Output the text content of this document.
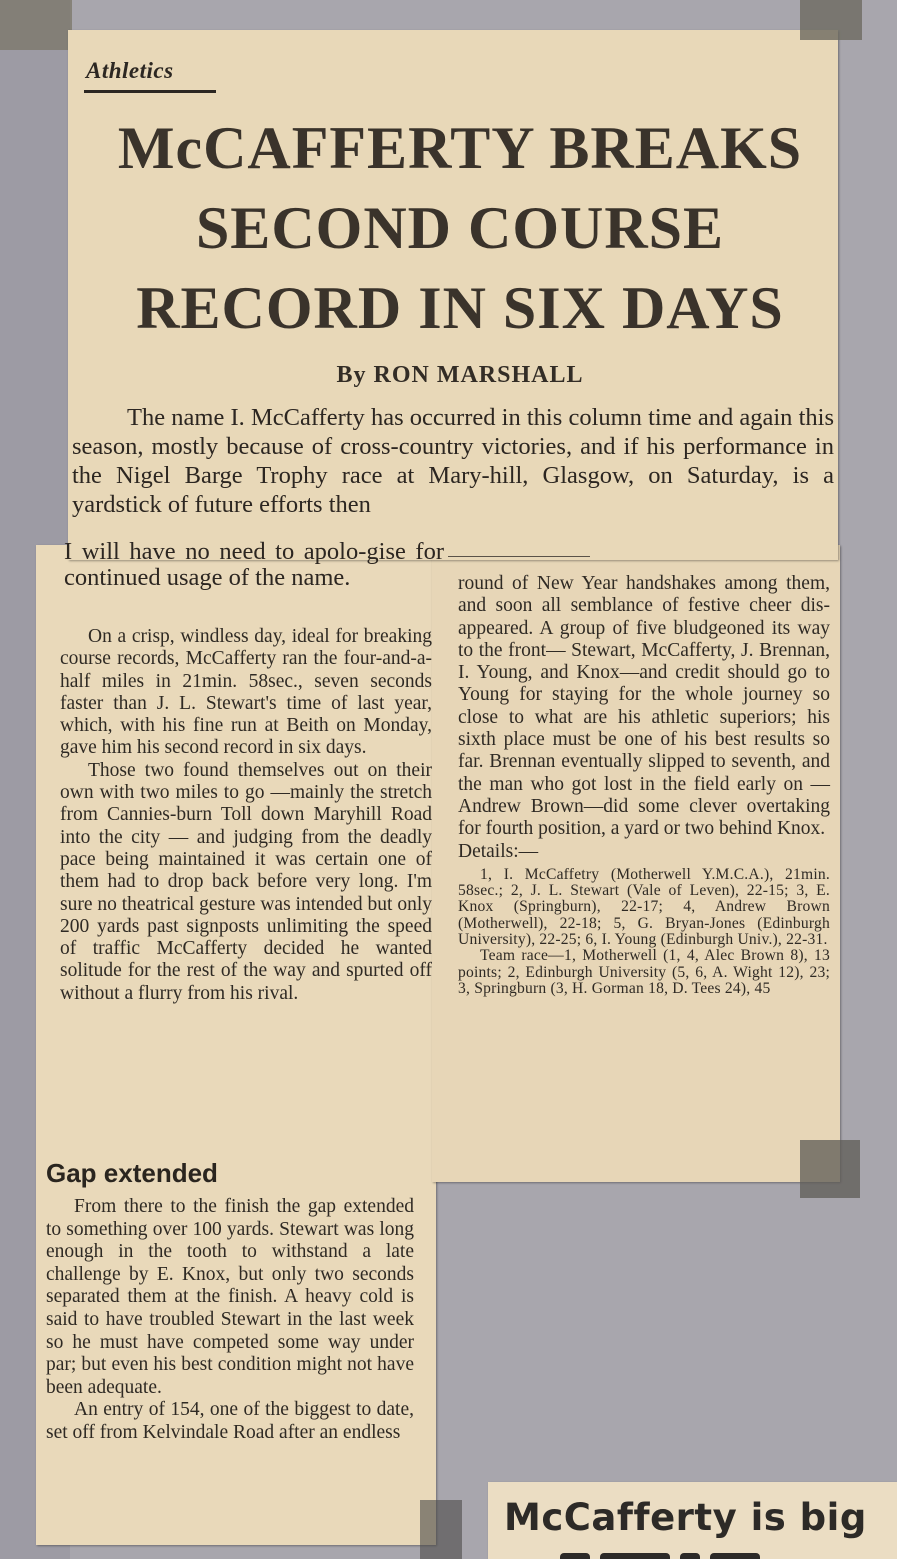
Athletics
McCAFFERTY BREAKS SECOND COURSE RECORD IN SIX DAYS
By RON MARSHALL

The name I. McCafferty has occurred in this column time and again this season, mostly because of cross-country victories, and if his performance in the Nigel Barge Trophy race at Mary-hill, Glasgow, on Saturday, is a yardstick of future efforts then

I will have no need to apolo-gise for continued usage of the name.

On a crisp, windless day, ideal for breaking course records, McCafferty ran the four-and-a-half miles in 21min. 58sec., seven seconds faster than J. L. Stewart's time of last year, which, with his fine run at Beith on Monday, gave him his second record in six days.

Those two found themselves out on their own with two miles to go —mainly the stretch from Cannies-burn Toll down Maryhill Road into the city — and judging from the deadly pace being maintained it was certain one of them had to drop back before very long. I'm sure no theatrical gesture was intended but only 200 yards past signposts unlimiting the speed of traffic McCafferty decided he wanted solitude for the rest of the way and spurted off without a flurry from his rival.

Gap extended

From there to the finish the gap extended to something over 100 yards. Stewart was long enough in the tooth to withstand a late challenge by E. Knox, but only two seconds separated them at the finish. A heavy cold is said to have troubled Stewart in the last week so he must have competed some way under par; but even his best condition might not have been adequate.

An entry of 154, one of the biggest to date, set off from Kelvindale Road after an endless

round of New Year handshakes among them, and soon all semblance of festive cheer dis-appeared. A group of five bludgeoned its way to the front— Stewart, McCafferty, J. Brennan, I. Young, and Knox—and credit should go to Young for staying for the whole journey so close to what are his athletic superiors; his sixth place must be one of his best results so far. Brennan eventually slipped to seventh, and the man who got lost in the field early on —Andrew Brown—did some clever overtaking for fourth position, a yard or two behind Knox.

Details:—

1, I. McCaffetry (Motherwell Y.M.C.A.), 21min. 58sec.; 2, J. L. Stewart (Vale of Leven), 22-15; 3, E. Knox (Springburn), 22-17; 4, Andrew Brown (Motherwell), 22-18; 5, G. Bryan-Jones (Edinburgh University), 22-25; 6, I. Young (Edinburgh Univ.), 22-31.

Team race—1, Motherwell (1, 4, Alec Brown 8), 13 points; 2, Edinburgh University (5, 6, A. Wight 12), 23; 3, Springburn (3, H. Gorman 18, D. Tees 24), 45

McCafferty is big
